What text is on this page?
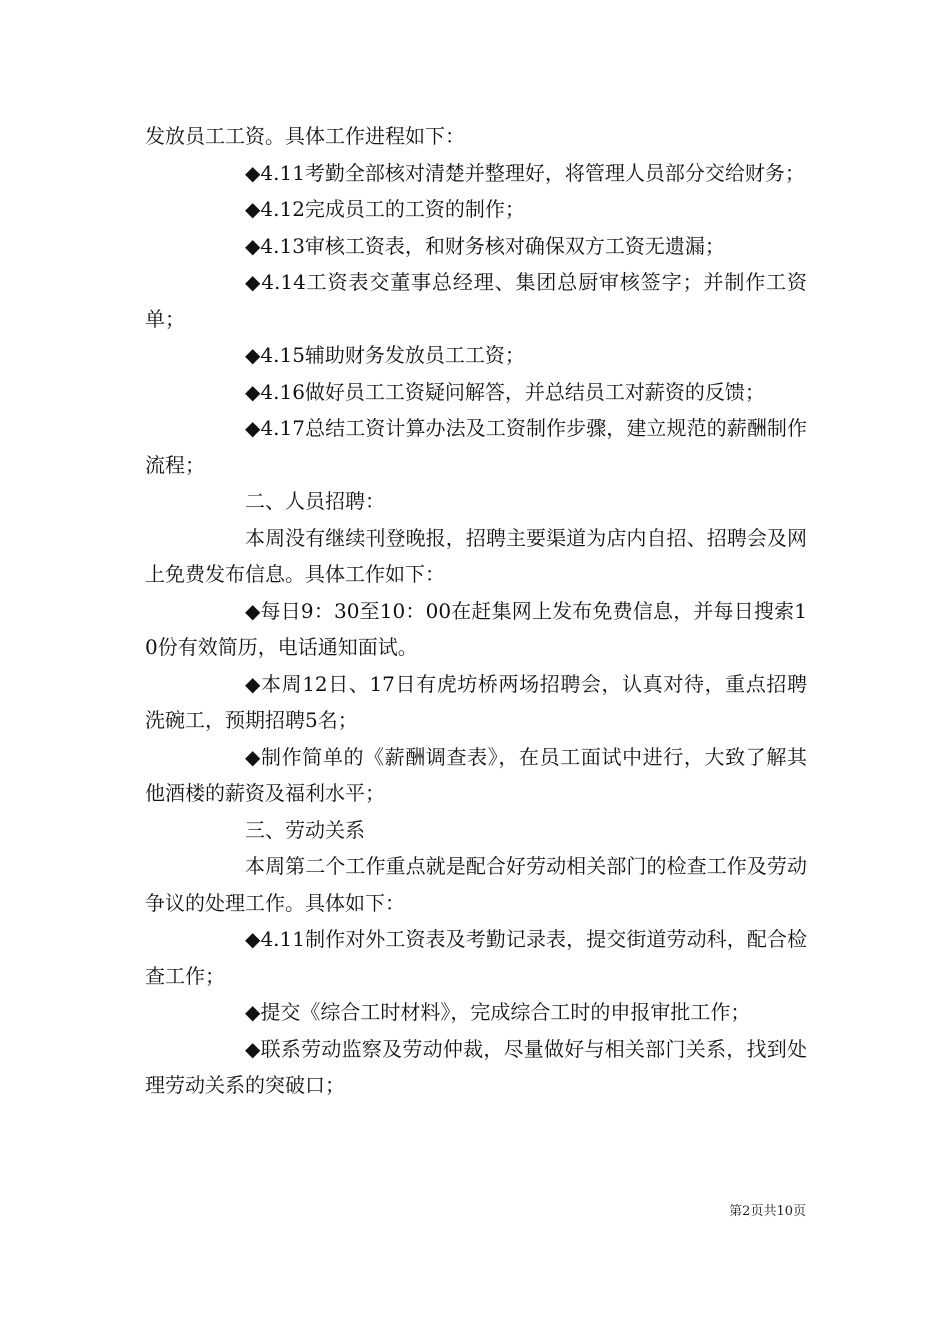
发放员工工资。具体工作进程如下：

◆4.11考勤全部核对清楚并整理好，将管理人员部分交给财务；

◆4.12完成员工的工资的制作；

◆4.13审核工资表，和财务核对确保双方工资无遗漏；

◆4.14工资表交董事总经理、集团总厨审核签字；并制作工资单；

◆4.15辅助财务发放员工工资；

◆4.16做好员工工资疑问解答，并总结员工对薪资的反馈；

◆4.17总结工资计算办法及工资制作步骤，建立规范的薪酬制作流程；

二、人员招聘：

本周没有继续刊登晚报，招聘主要渠道为店内自招、招聘会及网上免费发布信息。具体工作如下：

◆每日9：30至10：00在赶集网上发布免费信息，并每日搜索10份有效简历，电话通知面试。

◆本周12日、17日有虎坊桥两场招聘会，认真对待，重点招聘洗碗工，预期招聘5名；

◆制作简单的《薪酬调查表》，在员工面试中进行，大致了解其他酒楼的薪资及福利水平；

三、劳动关系

本周第二个工作重点就是配合好劳动相关部门的检查工作及劳动争议的处理工作。具体如下：

◆4.11制作对外工资表及考勤记录表，提交街道劳动科，配合检查工作；

◆提交《综合工时材料》，完成综合工时的申报审批工作；

◆联系劳动监察及劳动仲裁，尽量做好与相关部门关系，找到处理劳动关系的突破口；

第2页共10页
